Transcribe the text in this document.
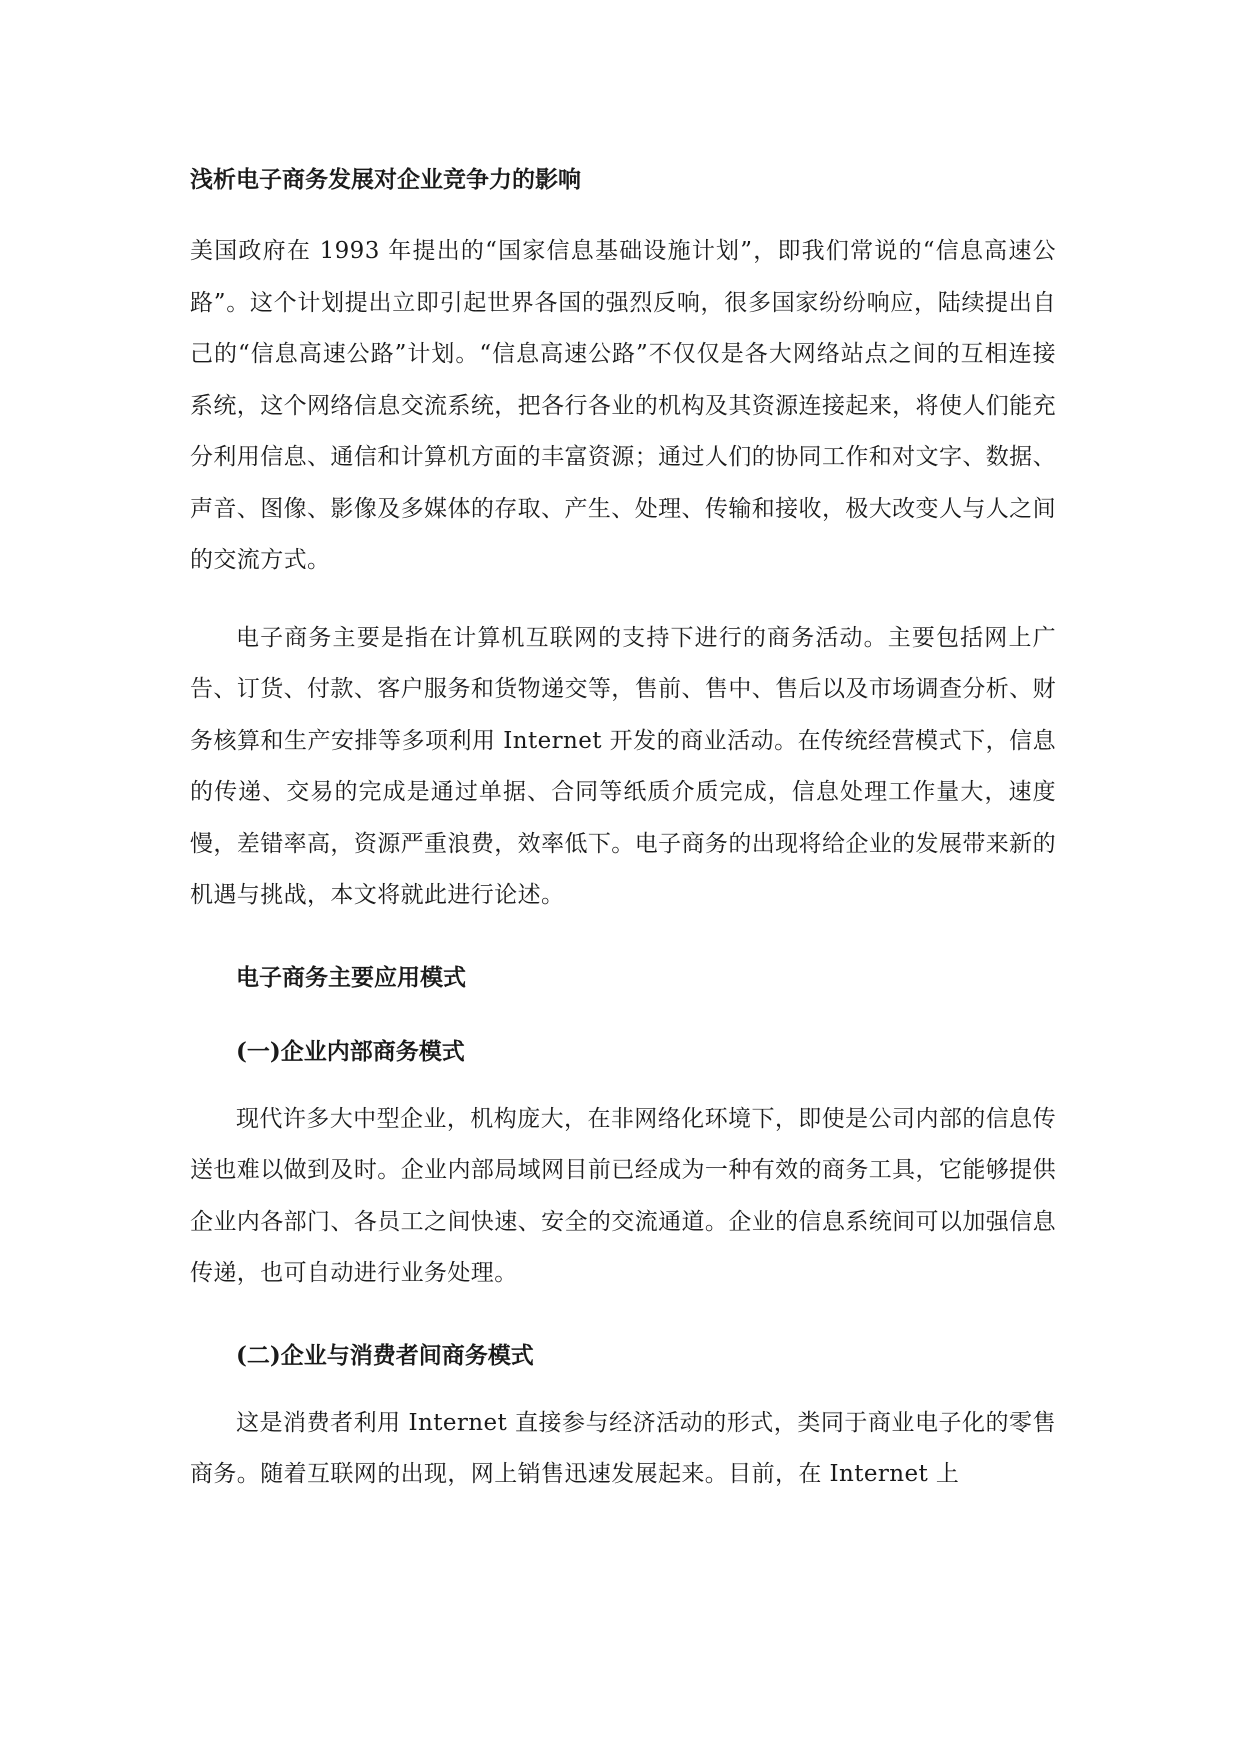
浅析电子商务发展对企业竞争力的影响

美国政府在 1993 年提出的“国家信息基础设施计划”，即我们常说的“信息高速公路”。这个计划提出立即引起世界各国的强烈反响，很多国家纷纷响应，陆续提出自己的“信息高速公路”计划。“信息高速公路”不仅仅是各大网络站点之间的互相连接系统，这个网络信息交流系统，把各行各业的机构及其资源连接起来，将使人们能充分利用信息、通信和计算机方面的丰富资源；通过人们的协同工作和对文字、数据、声音、图像、影像及多媒体的存取、产生、处理、传输和接收，极大改变人与人之间的交流方式。

电子商务主要是指在计算机互联网的支持下进行的商务活动。主要包括网上广告、订货、付款、客户服务和货物递交等，售前、售中、售后以及市场调查分析、财务核算和生产安排等多项利用 Internet 开发的商业活动。在传统经营模式下，信息的传递、交易的完成是通过单据、合同等纸质介质完成，信息处理工作量大，速度慢，差错率高，资源严重浪费，效率低下。电子商务的出现将给企业的发展带来新的机遇与挑战，本文将就此进行论述。

电子商务主要应用模式
(一)企业内部商务模式

现代许多大中型企业，机构庞大，在非网络化环境下，即使是公司内部的信息传送也难以做到及时。企业内部局域网目前已经成为一种有效的商务工具，它能够提供企业内各部门、各员工之间快速、安全的交流通道。企业的信息系统间可以加强信息传递，也可自动进行业务处理。

(二)企业与消费者间商务模式

这是消费者利用 Internet 直接参与经济活动的形式，类同于商业电子化的零售商务。随着互联网的出现，网上销售迅速发展起来。目前，在 Internet 上
